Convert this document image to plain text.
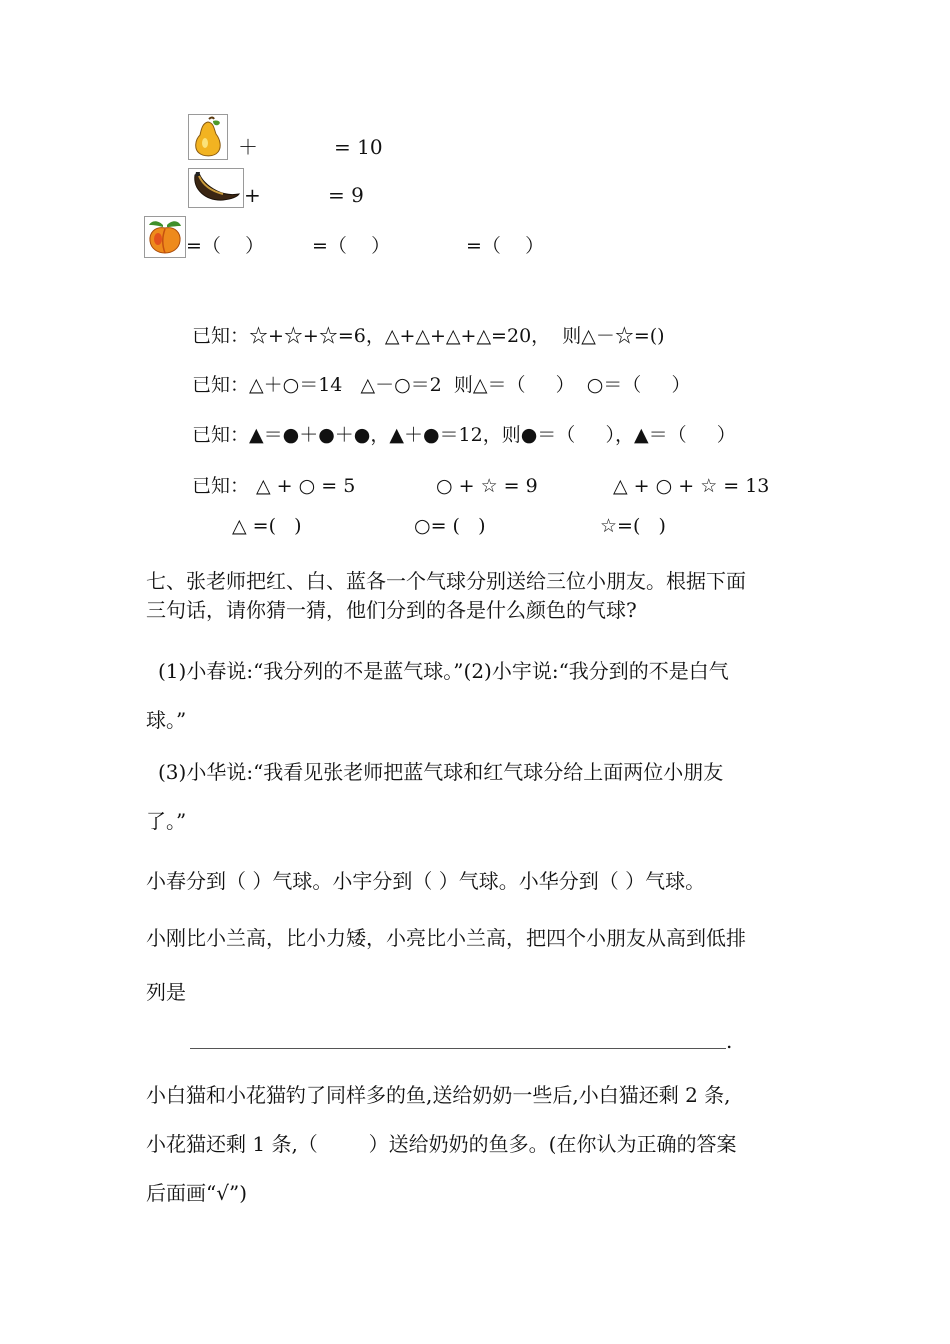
＋	= 10
+	= 9
=（    ）	=（    ）	=（    ）
已知：☆+☆+☆=6，△+△+△+△=20，  则△－☆=()
已知：△＋○＝14   △－○＝2  则△＝（     ）  ○＝（     ）
已知：▲＝●＋●＋●，▲＋●＝12，则●＝（     ），▲＝（     ）
已知： △ + ○ = 5	○ + ☆ = 9	△ + ○ + ☆ = 13
△ =(   )	○= (   )	☆=(   )
七、张老师把红、白、蓝各一个气球分别送给三位小朋友。根据下面
三句话，请你猜一猜，他们分到的各是什么颜色的气球?
(1)小春说:“我分列的不是蓝气球。”(2)小宇说:“我分到的不是白气
球。”
(3)小华说:“我看见张老师把蓝气球和红气球分给上面两位小朋友
了。”
小春分到（ ）气球。小宇分到（ ）气球。小华分到（ ）气球。
小刚比小兰高，比小力矮，小亮比小兰高，把四个小朋友从高到低排
列是
.
小白猫和小花猫钓了同样多的鱼,送给奶奶一些后,小白猫还剩 2 条,
小花猫还剩 1 条,（        ）送给奶奶的鱼多。(在你认为正确的答案
后面画“√”)
